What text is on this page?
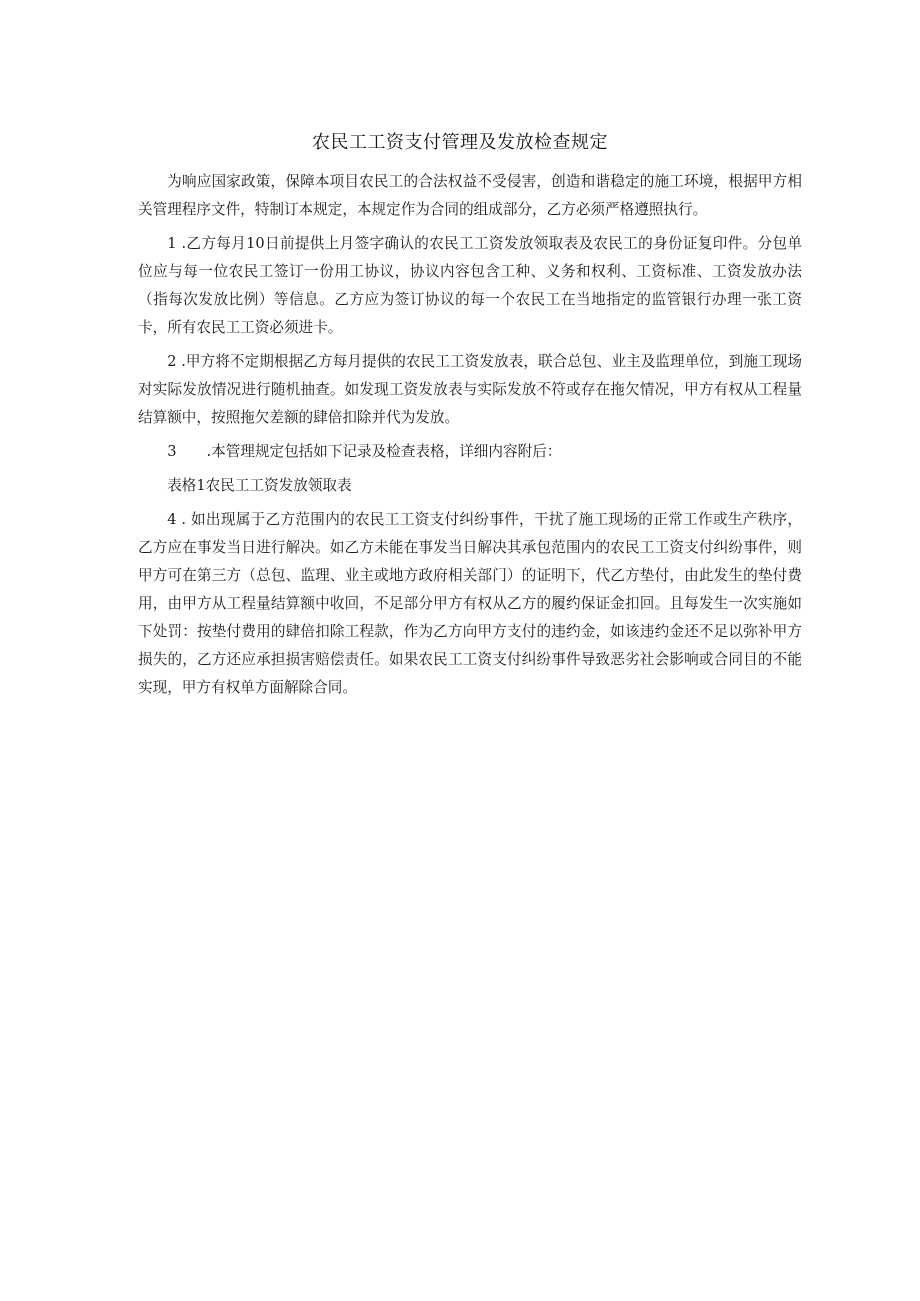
农民工工资支付管理及发放检查规定

为响应国家政策，保障本项目农民工的合法权益不受侵害，创造和谐稳定的施工环境，根据甲方相关管理程序文件，特制订本规定，本规定作为合同的组成部分，乙方必须严格遵照执行。

1 .乙方每月10日前提供上月签字确认的农民工工资发放领取表及农民工的身份证复印件。分包单位应与每一位农民工签订一份用工协议，协议内容包含工种、义务和权利、工资标准、工资发放办法（指每次发放比例）等信息。乙方应为签订协议的每一个农民工在当地指定的监管银行办理一张工资卡，所有农民工工资必须进卡。

2 .甲方将不定期根据乙方每月提供的农民工工资发放表，联合总包、业主及监理单位，到施工现场对实际发放情况进行随机抽查。如发现工资发放表与实际发放不符或存在拖欠情况，甲方有权从工程量结算额中，按照拖欠差额的肆倍扣除并代为发放。

3 .本管理规定包括如下记录及检查表格，详细内容附后：

表格1农民工工资发放领取表

4 . 如出现属于乙方范围内的农民工工资支付纠纷事件，干扰了施工现场的正常工作或生产秩序，乙方应在事发当日进行解决。如乙方未能在事发当日解决其承包范围内的农民工工资支付纠纷事件，则甲方可在第三方（总包、监理、业主或地方政府相关部门）的证明下，代乙方垫付，由此发生的垫付费用，由甲方从工程量结算额中收回，不足部分甲方有权从乙方的履约保证金扣回。且每发生一次实施如下处罚：按垫付费用的肆倍扣除工程款，作为乙方向甲方支付的违约金，如该违约金还不足以弥补甲方损失的，乙方还应承担损害赔偿责任。如果农民工工资支付纠纷事件导致恶劣社会影响或合同目的不能实现，甲方有权单方面解除合同。
